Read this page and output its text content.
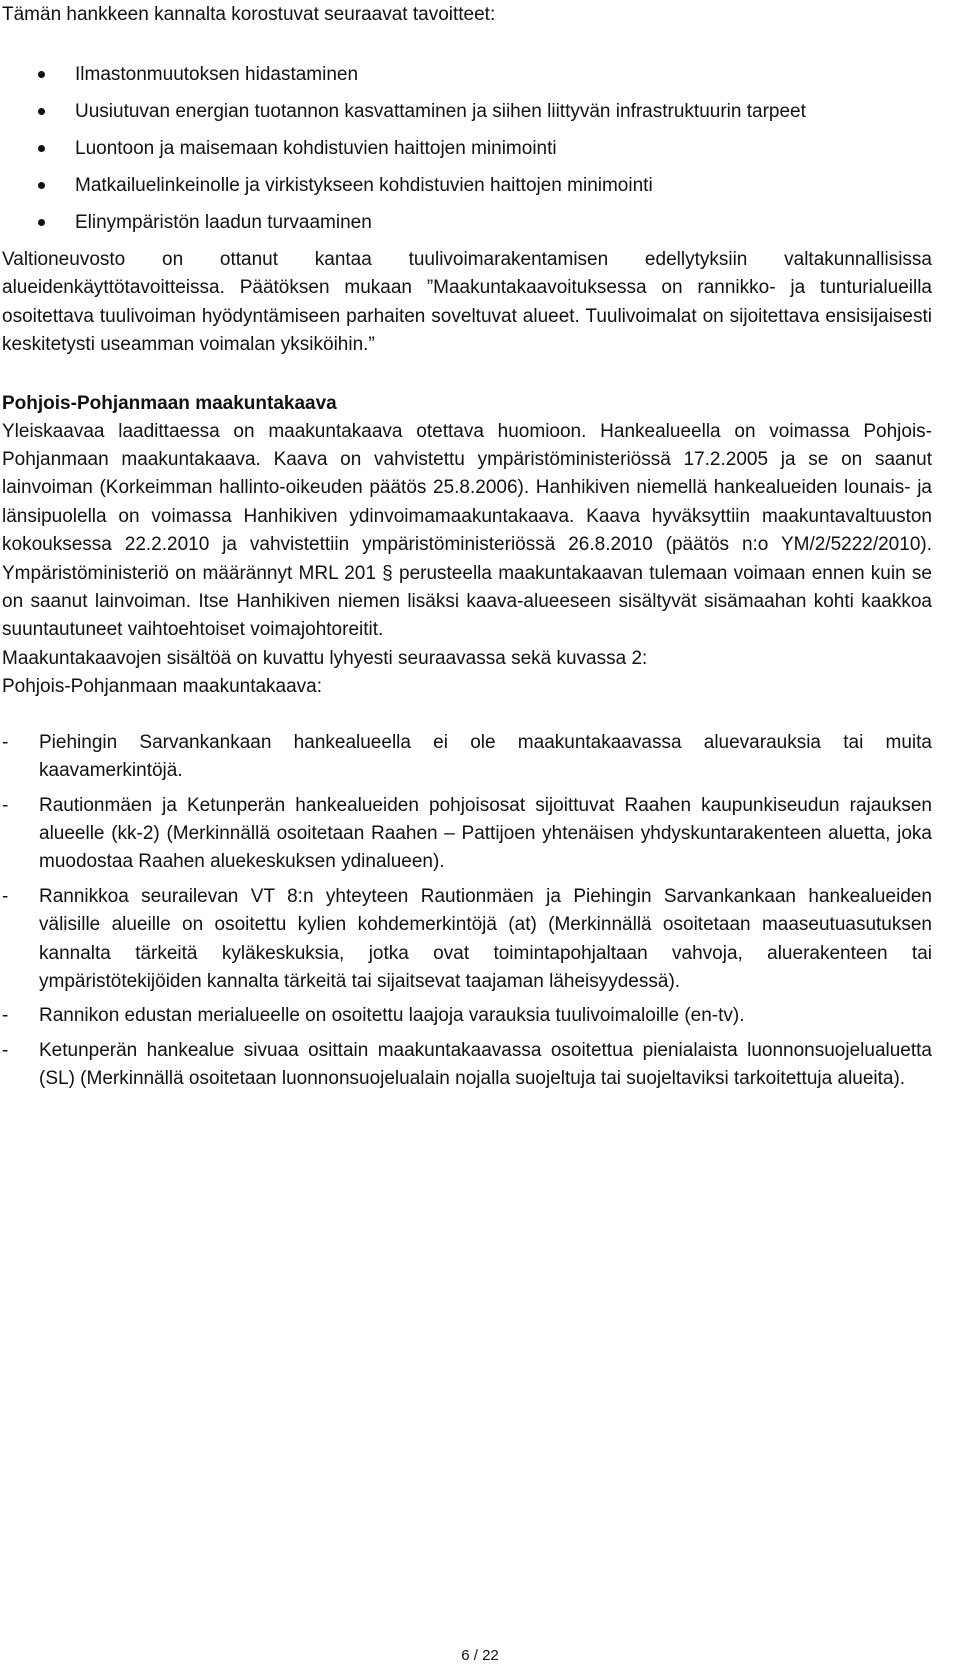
Tämän hankkeen kannalta korostuvat seuraavat tavoitteet:

Ilmastonmuutoksen hidastaminen
Uusiutuvan energian tuotannon kasvattaminen ja siihen liittyvän infrastruktuurin tarpeet
Luontoon ja maisemaan kohdistuvien haittojen minimointi
Matkailuelinkeinolle ja virkistykseen kohdistuvien haittojen minimointi
Elinympäristön laadun turvaaminen

Valtioneuvosto on ottanut kantaa tuulivoimarakentamisen edellytyksiin valtakunnallisissa alueidenkäyttötavoitteissa. Päätöksen mukaan ”Maakuntakaavoituksessa on rannikko- ja tunturialueilla osoitettava tuulivoiman hyödyntämiseen parhaiten soveltuvat alueet. Tuulivoimalat on sijoitettava ensisijaisesti keskitetysti useamman voimalan yksiköihin.”

Pohjois-Pohjanmaan maakuntakaava

Yleiskaavaa laadittaessa on maakuntakaava otettava huomioon. Hankealueella on voimassa Pohjois-Pohjanmaan maakuntakaava. Kaava on vahvistettu ympäristöministeriössä 17.2.2005 ja se on saanut lainvoiman (Korkeimman hallinto-oikeuden päätös 25.8.2006). Hanhikiven niemellä hankealueiden lounais- ja länsipuolella on voimassa Hanhikiven ydinvoimamaakuntakaava. Kaava hyväksyttiin maakuntavaltuuston kokouksessa 22.2.2010 ja vahvistettiin ympäristöministeriössä 26.8.2010 (päätös n:o YM/2/5222/2010). Ympäristöministeriö on määrännyt MRL 201 § perusteella maakuntakaavan tulemaan voimaan ennen kuin se on saanut lainvoiman. Itse Hanhikiven niemen lisäksi kaava-alueeseen sisältyvät sisämaahan kohti kaakkoa suuntautuneet vaihtoehtoiset voimajohtoreitit.

Maakuntakaavojen sisältöä on kuvattu lyhyesti seuraavassa sekä kuvassa 2:

Pohjois-Pohjanmaan maakuntakaava:

- Piehingin Sarvankankaan hankealueella ei ole maakuntakaavassa aluevarauksia tai muita kaavamerkintöjä.
- Rautionmäen ja Ketunperän hankealueiden pohjoisosat sijoittuvat Raahen kaupunkiseudun rajauksen alueelle (kk-2) (Merkinnällä osoitetaan Raahen – Pattijoen yhtenäisen yhdyskuntarakenteen aluetta, joka muodostaa Raahen aluekeskuksen ydinalueen).
- Rannikkoa seurailevan VT 8:n yhteyteen Rautionmäen ja Piehingin Sarvankankaan hankealueiden välisille alueille on osoitettu kylien kohdemerkintöjä (at) (Merkinnällä osoitetaan maaseutuasutuksen kannalta tärkeitä kyläkeskuksia, jotka ovat toimintapohjaltaan vahvoja, aluerakenteen tai ympäristötekijöiden kannalta tärkeitä tai sijaitsevat taajaman läheisyydessä).
- Rannikon edustan merialueelle on osoitettu laajoja varauksia tuulivoimaloille (en-tv).
- Ketunperän hankealue sivuaa osittain maakuntakaavassa osoitettua pienialaista luonnonsuojelualuetta (SL) (Merkinnällä osoitetaan luonnonsuojelualain nojalla suojeltuja tai suojeltaviksi tarkoitettuja alueita).
6 / 22
